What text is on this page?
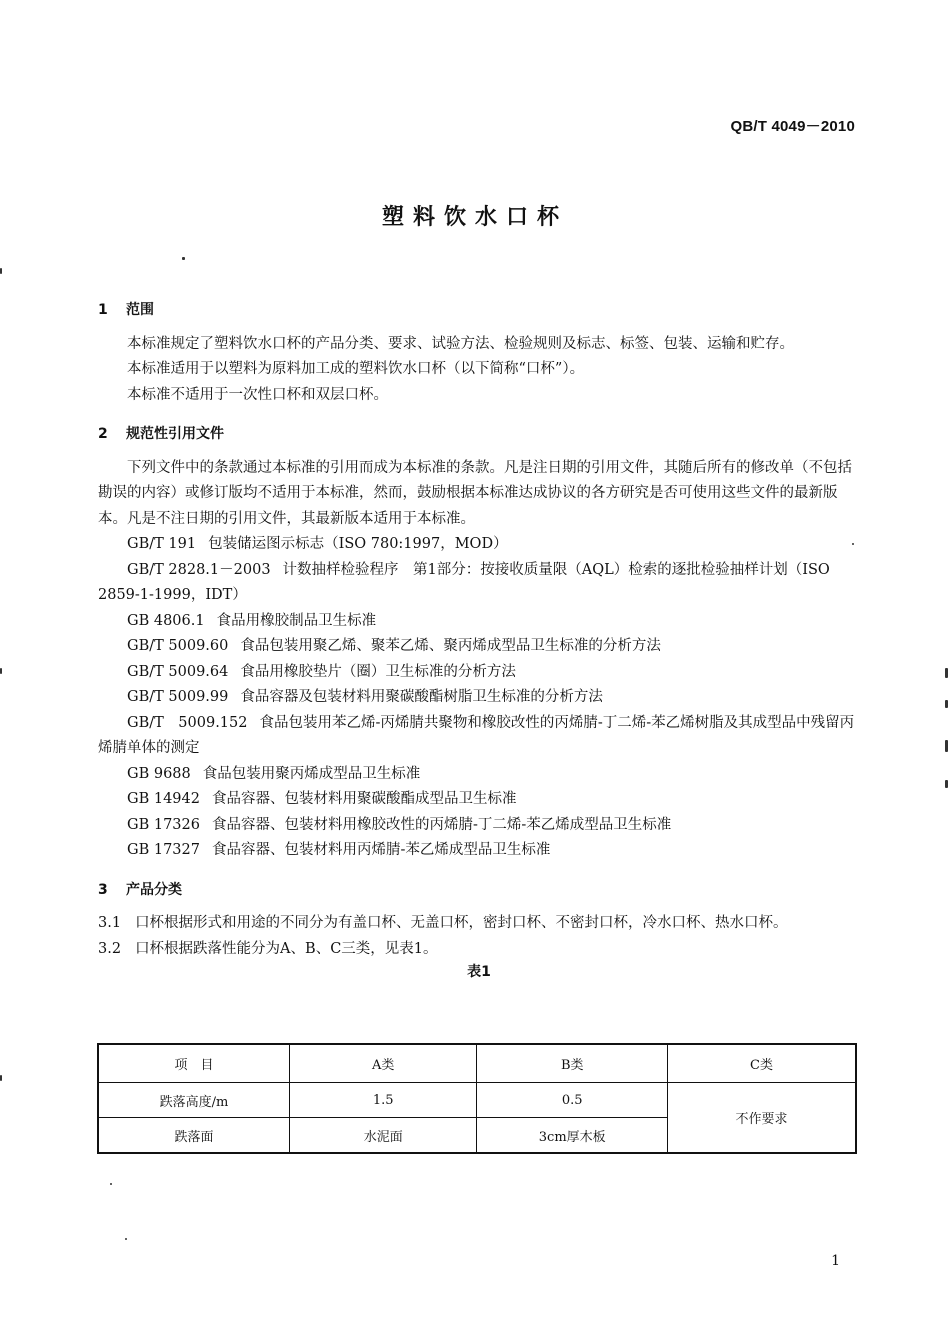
QB/T 4049－2010
塑料饮水口杯
1 范围

本标准规定了塑料饮水口杯的产品分类、要求、试验方法、检验规则及标志、标签、包装、运输和贮存。

本标准适用于以塑料为原料加工成的塑料饮水口杯（以下简称“口杯”）。

本标准不适用于一次性口杯和双层口杯。

2 规范性引用文件

下列文件中的条款通过本标准的引用而成为本标准的条款。凡是注日期的引用文件，其随后所有的修改单（不包括勘误的内容）或修订版均不适用于本标准，然而，鼓励根据本标准达成协议的各方研究是否可使用这些文件的最新版本。凡是不注日期的引用文件，其最新版本适用于本标准。

GB/T 191 包装储运图示标志（ISO 780:1997，MOD）

GB/T 2828.1－2003 计数抽样检验程序　第1部分：按接收质量限（AQL）检索的逐批检验抽样计划（ISO 2859-1-1999，IDT）

GB 4806.1 食品用橡胶制品卫生标准

GB/T 5009.60 食品包装用聚乙烯、聚苯乙烯、聚丙烯成型品卫生标准的分析方法

GB/T 5009.64 食品用橡胶垫片（圈）卫生标准的分析方法

GB/T 5009.99 食品容器及包装材料用聚碳酸酯树脂卫生标准的分析方法

GB/T　5009.152 食品包装用苯乙烯-丙烯腈共聚物和橡胶改性的丙烯腈-丁二烯-苯乙烯树脂及其成型品中残留丙烯腈单体的测定

GB 9688 食品包装用聚丙烯成型品卫生标准

GB 14942 食品容器、包装材料用聚碳酸酯成型品卫生标准

GB 17326 食品容器、包装材料用橡胶改性的丙烯腈-丁二烯-苯乙烯成型品卫生标准

GB 17327 食品容器、包装材料用丙烯腈-苯乙烯成型品卫生标准

3 产品分类

3.1 口杯根据形式和用途的不同分为有盖口杯、无盖口杯，密封口杯、不密封口杯，冷水口杯、热水口杯。

3.2 口杯根据跌落性能分为A、B、C三类，见表1。

表1

项　目	A类	B类	C类
跌落高度/m	1.5	0.5	不作要求
跌落面	水泥面	3cm厚木板	
1
